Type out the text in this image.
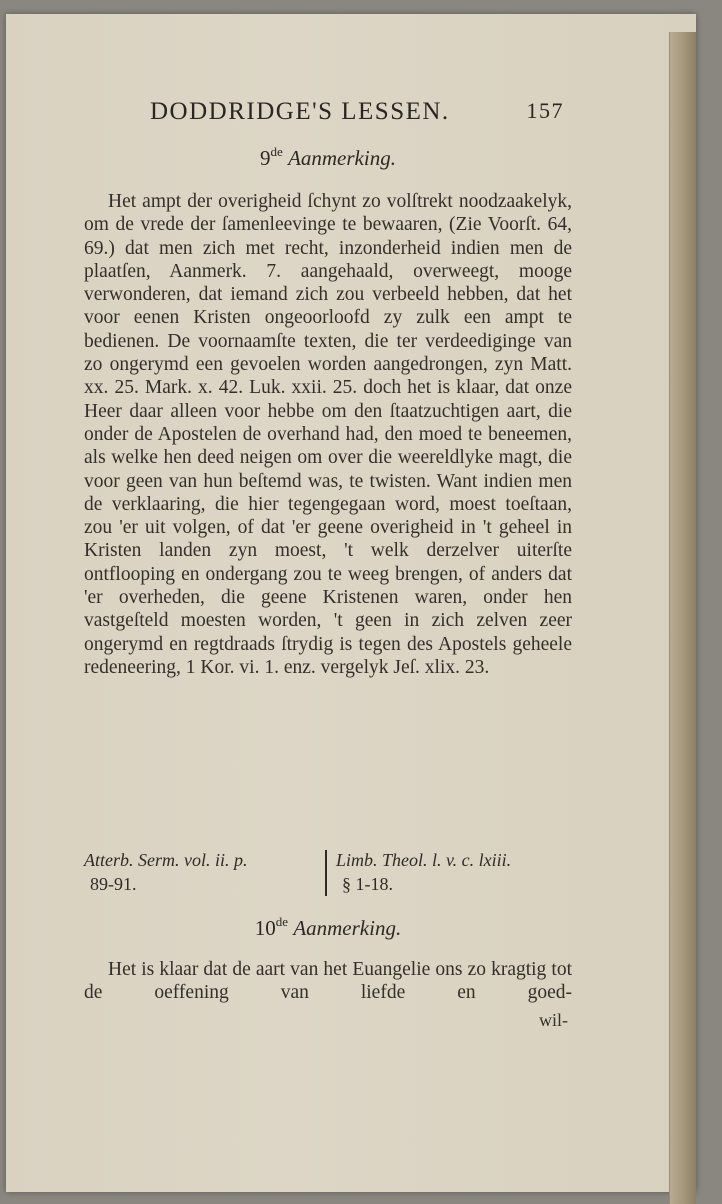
DODDRIDGE'S LESSEN.	157
9de Aanmerking.

Het ampt der overigheid ſchynt zo volſtrekt noodzaakelyk, om de vrede der ſamenleevinge te bewaaren, (Zie Voorſt. 64, 69.) dat men zich met recht, inzonderheid indien men de plaatſen, Aanmerk. 7. aangehaald, overweegt, mooge verwonderen, dat iemand zich zou verbeeld hebben, dat het voor eenen Kristen ongeoorloofd zy zulk een ampt te bedienen. De voornaamſte texten, die ter verdeediginge van zo ongerymd een gevoelen worden aangedrongen, zyn Matt. xx. 25. Mark. x. 42. Luk. xxii. 25. doch het is klaar, dat onze Heer daar alleen voor hebbe om den ſtaatzuchtigen aart, die onder de Apostelen de overhand had, den moed te beneemen, als welke hen deed neigen om over die weereldlyke magt, die voor geen van hun beſtemd was, te twisten. Want indien men de verklaaring, die hier tegengegaan word, moest toeſtaan, zou 'er uit volgen, of dat 'er geene overigheid in 't geheel in Kristen landen zyn moest, 't welk derzelver uiterſte ontflooping en ondergang zou te weeg brengen, of anders dat 'er overheden, die geene Kristenen waren, onder hen vastgeſteld moesten worden, 't geen in zich zelven zeer ongerymd en regtdraads ſtrydig is tegen des Apostels geheele redeneering, 1 Kor. vi. 1. enz. vergelyk Jeſ. xlix. 23.

Atterb. Serm. vol. ii. p.
89-91.
Limb. Theol. l. v. c. lxiii.
§ 1-18.
10de Aanmerking.

Het is klaar dat de aart van het Euangelie ons zo kragtig tot de oeffening van liefde en goed-

wil-
